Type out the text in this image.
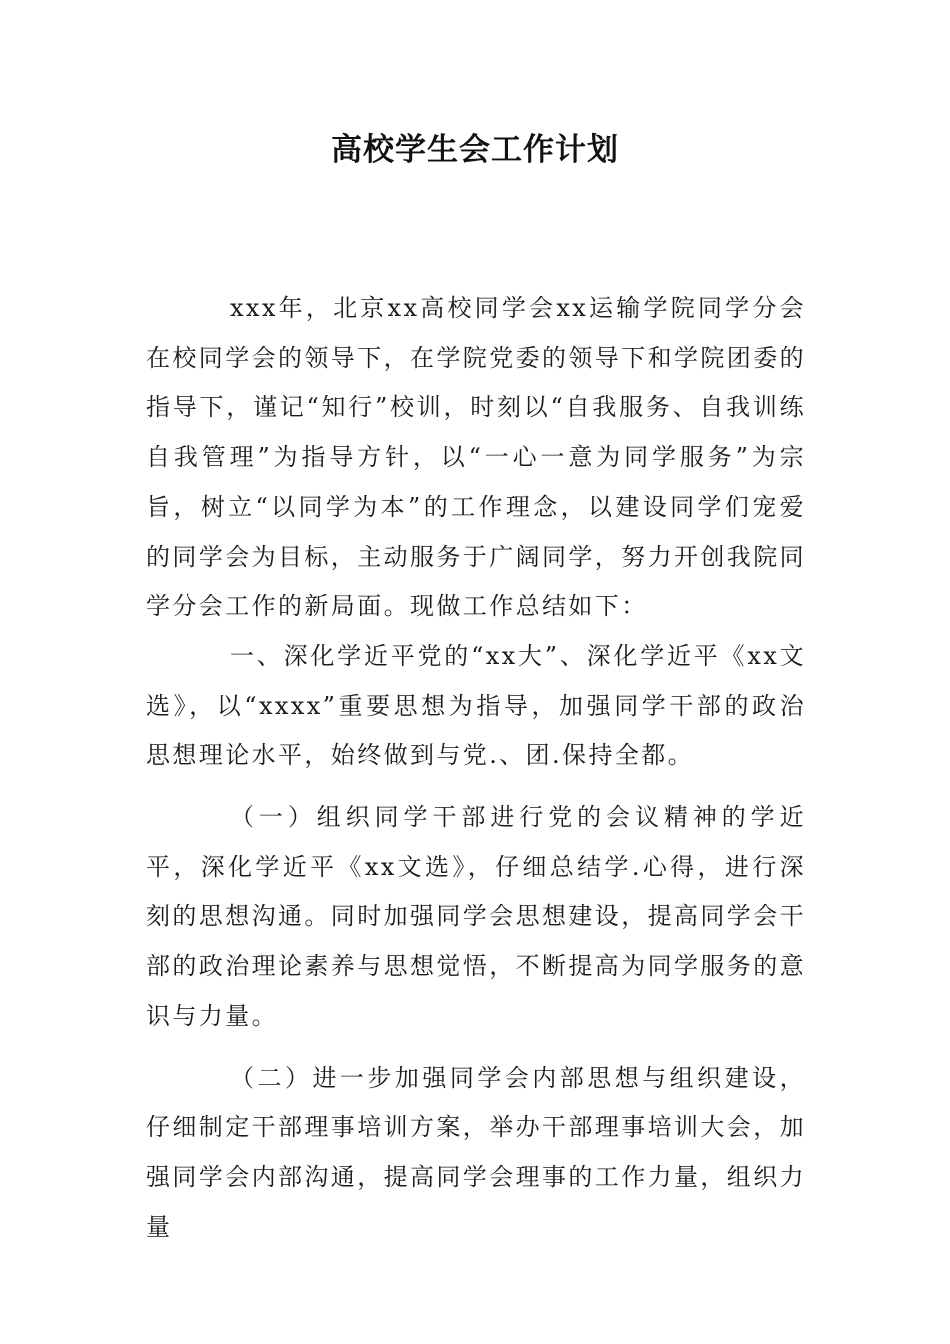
高校学生会工作计划

xxx年，北京xx高校同学会xx运输学院同学分会在校同学会的领导下，在学院党委的领导下和学院团委的指导下，谨记“知行”校训，时刻以“自我服务、自我训练自我管理”为指导方针，以“一心一意为同学服务”为宗旨，树立“以同学为本”的工作理念，以建设同学们宠爱的同学会为目标，主动服务于广阔同学，努力开创我院同学分会工作的新局面。现做工作总结如下：

一、深化学近平党的“xx大”、深化学近平《xx文选》，以“xxxx”重要思想为指导，加强同学干部的政治思想理论水平，始终做到与党.、团.保持全都。

（一）组织同学干部进行党的会议精神的学近平，深化学近平《xx文选》，仔细总结学.心得，进行深刻的思想沟通。同时加强同学会思想建设，提高同学会干部的政治理论素养与思想觉悟，不断提高为同学服务的意识与力量。

（二）进一步加强同学会内部思想与组织建设，仔细制定干部理事培训方案，举办干部理事培训大会，加强同学会内部沟通，提高同学会理事的工作力量，组织力量
